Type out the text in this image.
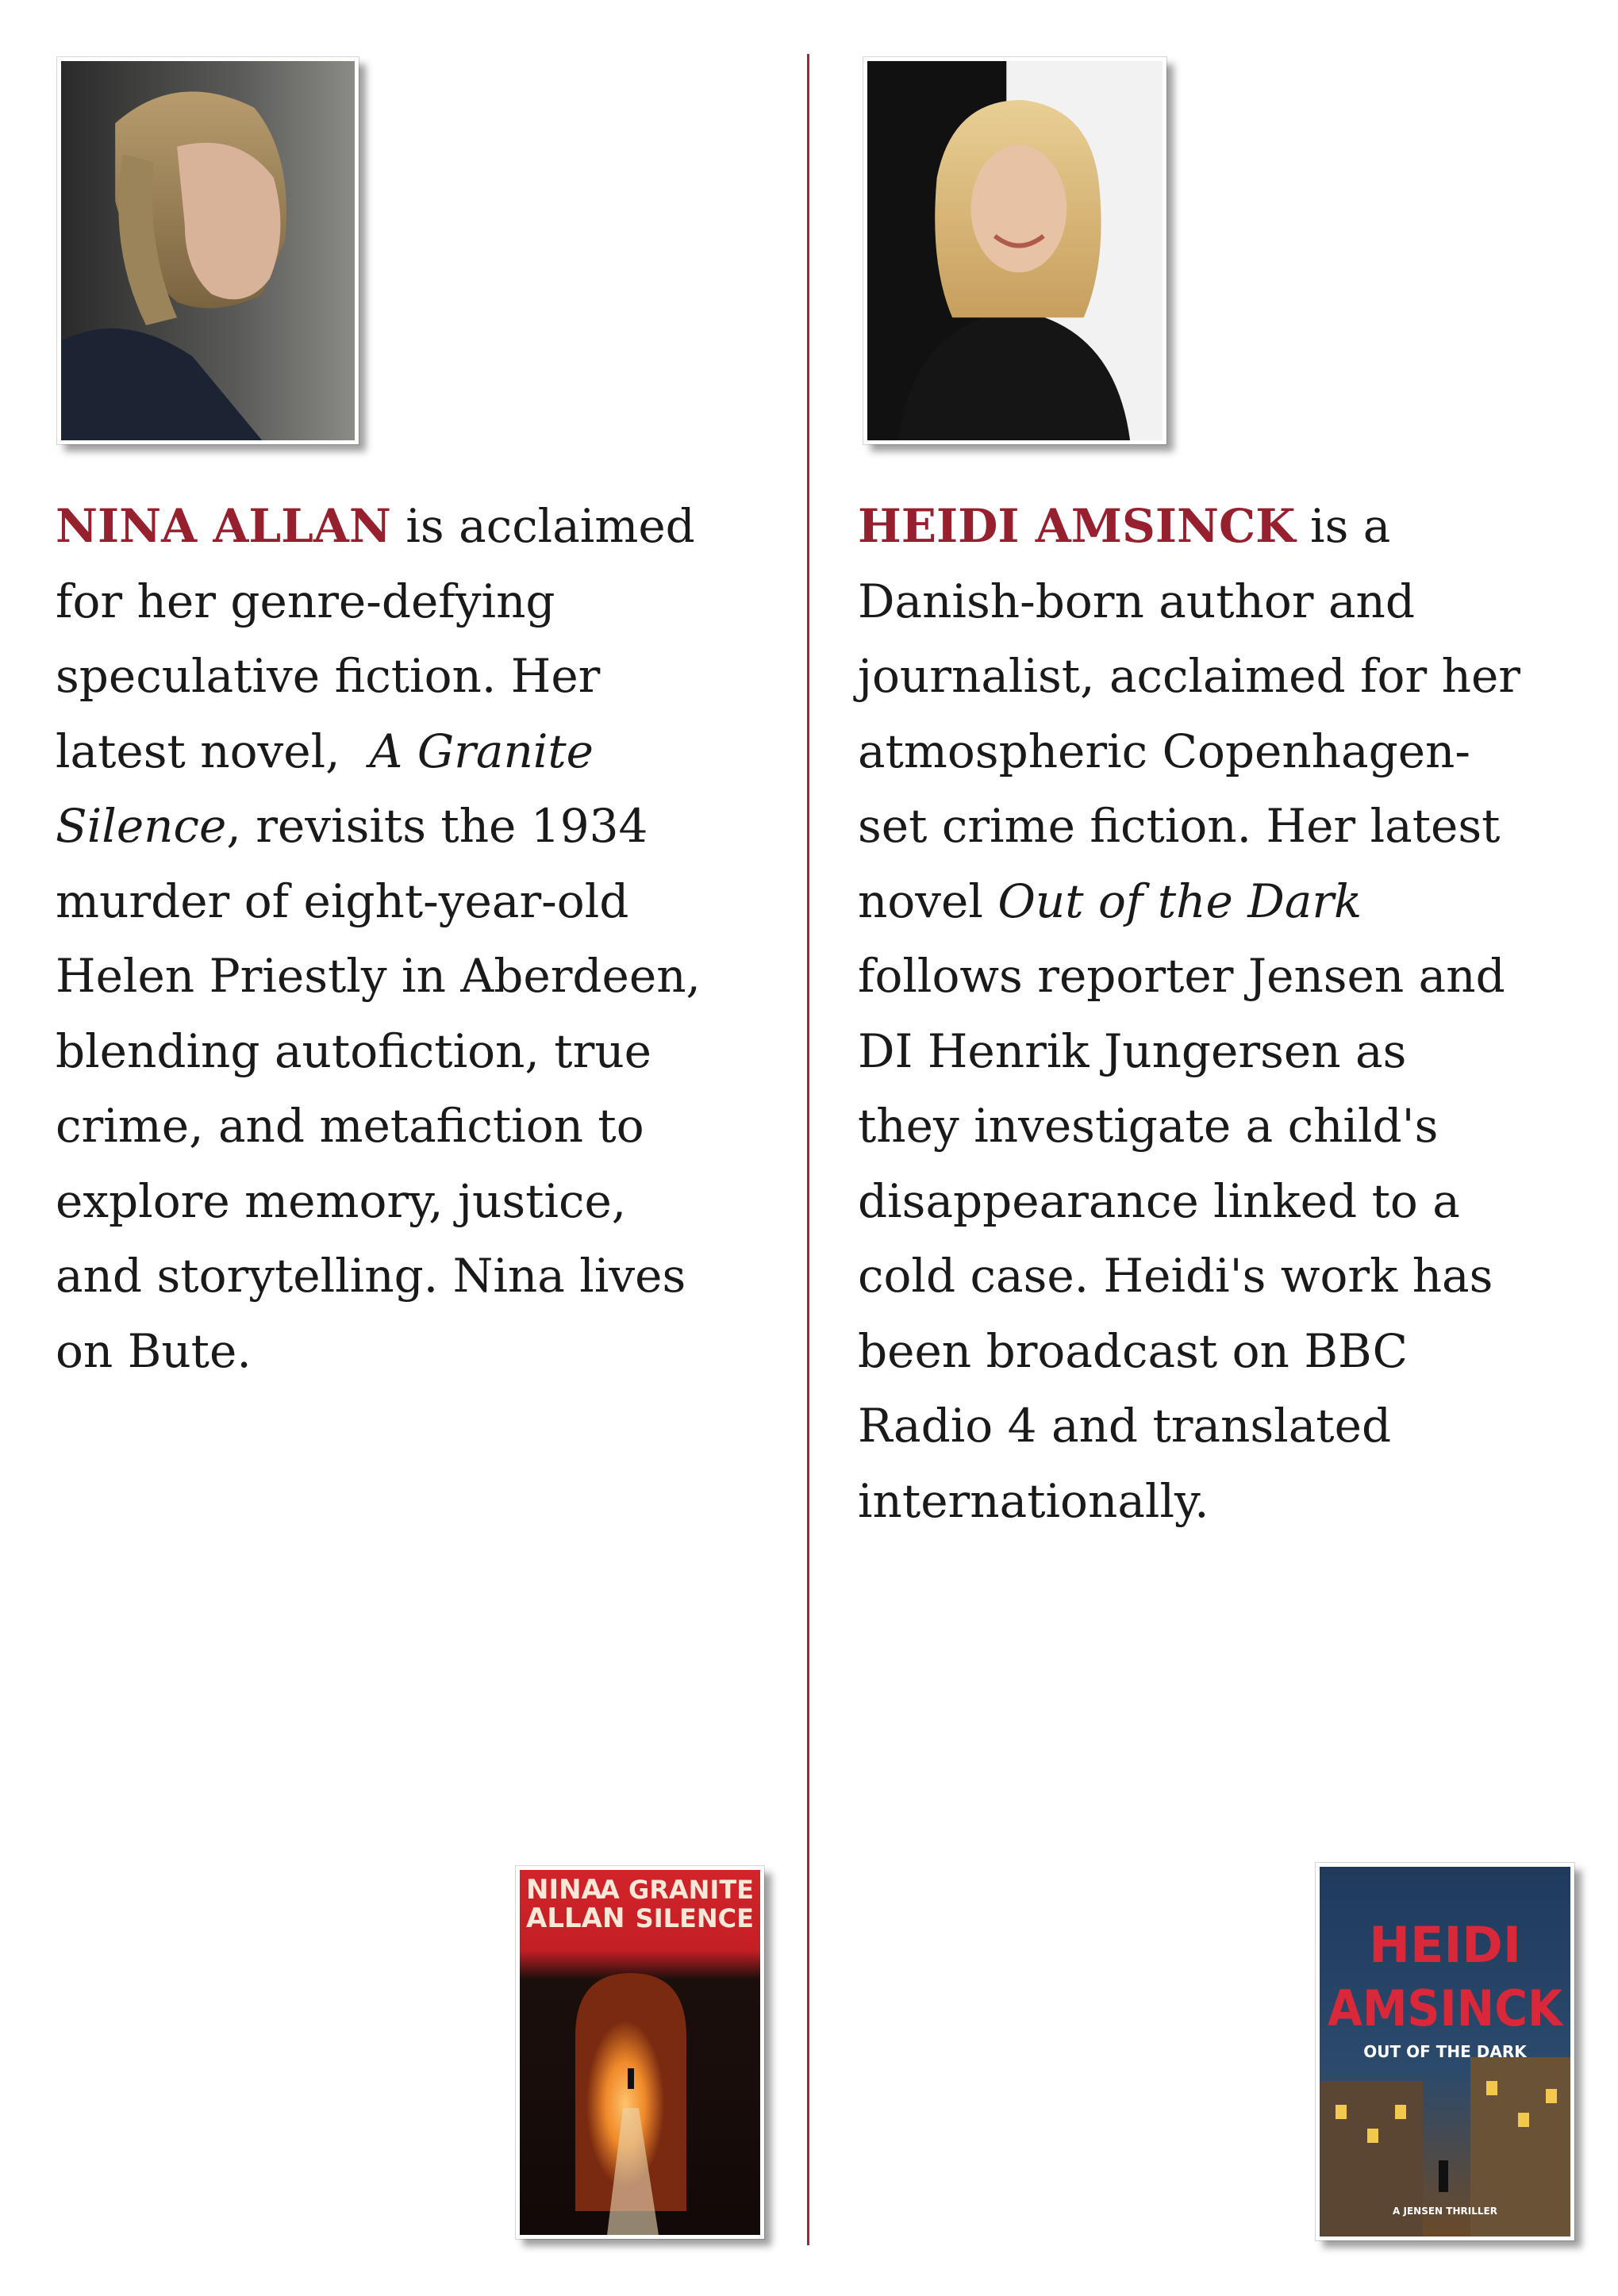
NINA ALLAN is acclaimed
for her genre-defying
speculative fiction. Her
latest novel,  A Granite
Silence, revisits the 1934
murder of eight-year-old
Helen Priestly in Aberdeen,
blending autofiction, true
crime, and metafiction to
explore memory, justice,
and storytelling. Nina lives
on Bute.
HEIDI AMSINCK is a
Danish-born author and
journalist, acclaimed for her
atmospheric Copenhagen-
set crime fiction. Her latest
novel Out of the Dark
follows reporter Jensen and
DI Henrik Jungersen as
they investigate a child's
disappearance linked to a
cold case. Heidi's work has
been broadcast on BBC
Radio 4 and translated
internationally.
NINA
ALLAN
A GRANITE
SILENCE	HEIDI
AMSINCK
OUT OF THE DARK
A JENSEN THRILLER
